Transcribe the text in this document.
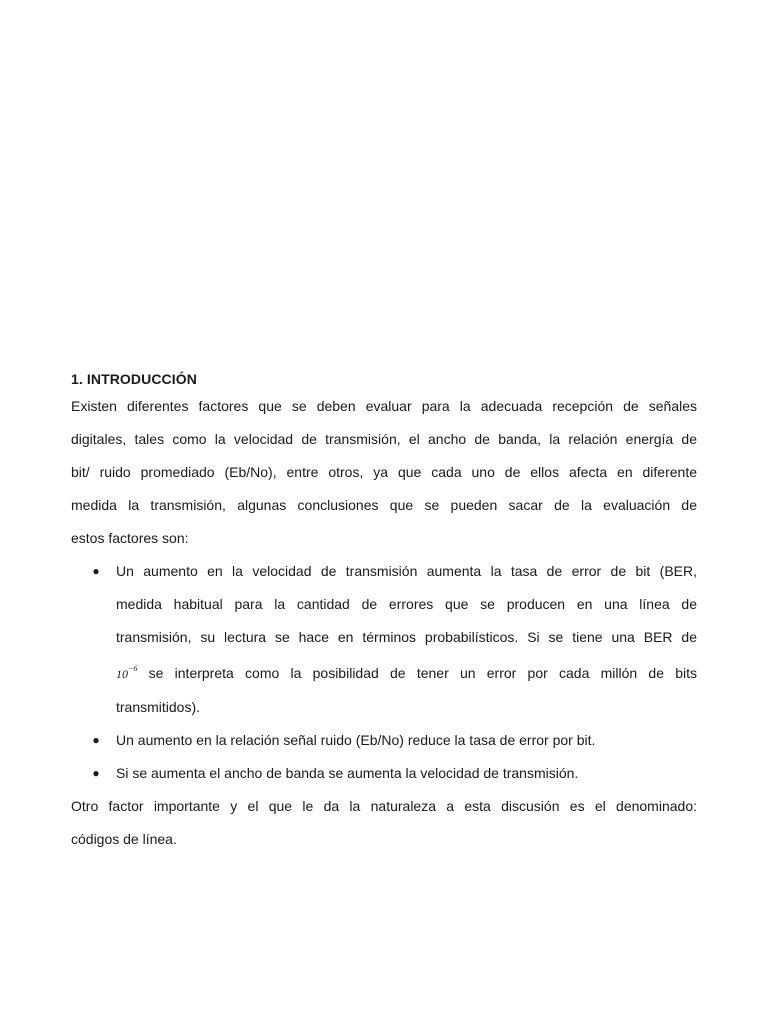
1. INTRODUCCIÓN
Existen diferentes factores que se deben evaluar para la adecuada recepción de señales
digitales, tales como la velocidad de transmisión, el ancho de banda, la relación energía de
bit/ ruido promediado (Eb/No), entre otros, ya que cada uno de ellos afecta en diferente
medida la transmisión, algunas conclusiones que se pueden sacar de la evaluación de
estos factores son:
● Un aumento en la velocidad de transmisión aumenta la tasa de error de bit (BER,
medida habitual para la cantidad de errores que se producen en una línea de
transmisión, su lectura se hace en términos probabilísticos. Si se tiene una BER de
$10^{-6}$ se interpreta como la posibilidad de tener un error por cada millón de bits
transmitidos).
● Un aumento en la relación señal ruido (Eb/No) reduce la tasa de error por bit.
● Si se aumenta el ancho de banda se aumenta la velocidad de transmisión.
Otro factor importante y el que le da la naturaleza a esta discusión es el denominado:
códigos de línea.
